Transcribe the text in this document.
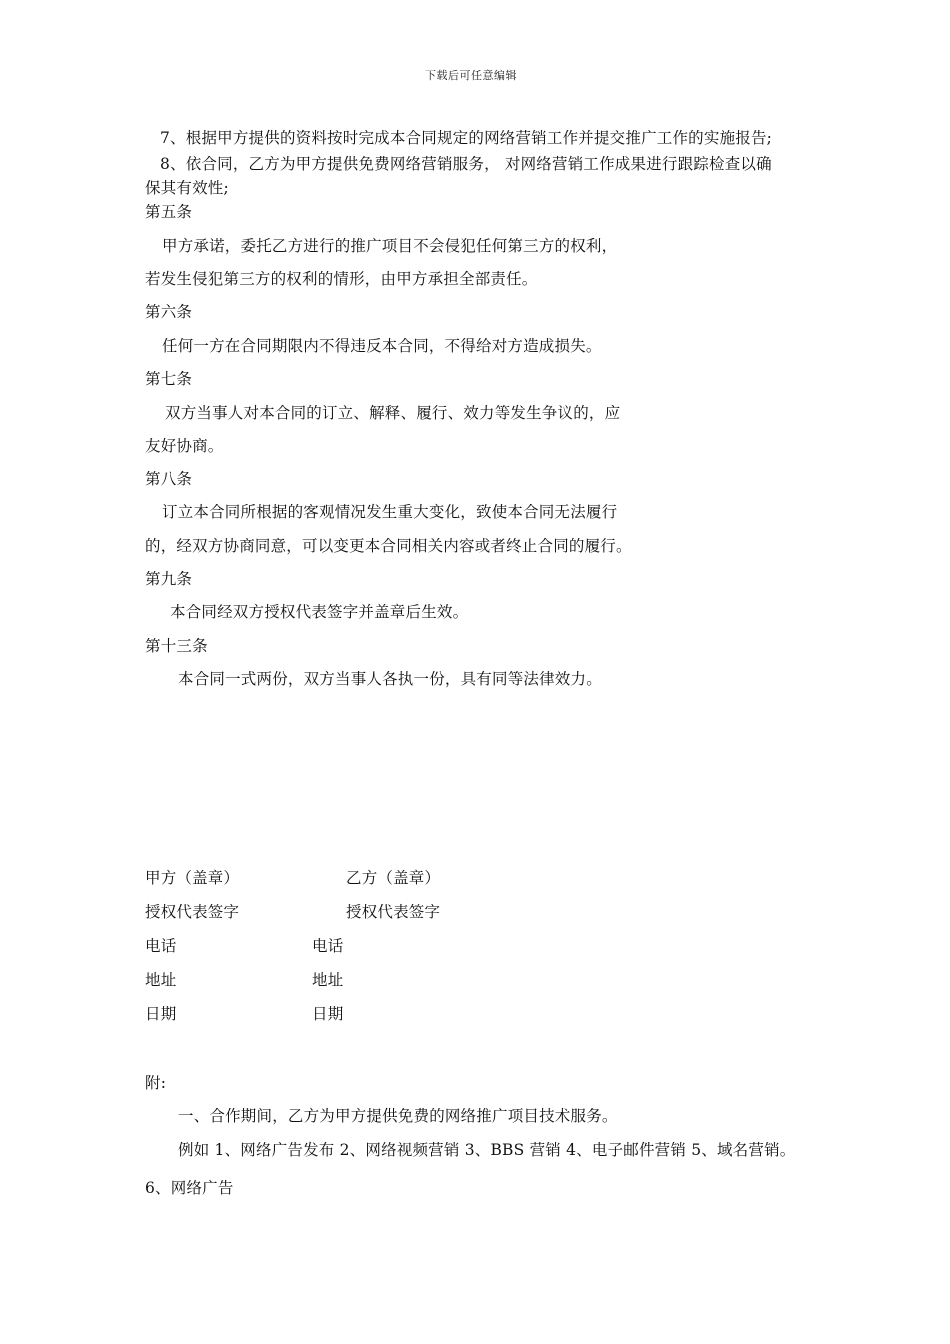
下载后可任意编辑
7、根据甲方提供的资料按时完成本合同规定的网络营销工作并提交推广工作的实施报告;
8、依合同，乙方为甲方提供免费网络营销服务， 对网络营销工作成果进行跟踪检查以确
保其有效性;
第五条
甲方承诺，委托乙方进行的推广项目不会侵犯任何第三方的权利，
若发生侵犯第三方的权利的情形，由甲方承担全部责任。
第六条
任何一方在合同期限内不得违反本合同，不得给对方造成损失。
第七条
双方当事人对本合同的订立、解释、履行、效力等发生争议的，应
友好协商。
第八条
订立本合同所根据的客观情况发生重大变化，致使本合同无法履行
的，经双方协商同意，可以变更本合同相关内容或者终止合同的履行。
第九条
本合同经双方授权代表签字并盖章后生效。
第十三条
本合同一式两份，双方当事人各执一份，具有同等法律效力。
甲方（盖章）	乙方（盖章）
授权代表签字	授权代表签字
电话	电话
地址	地址
日期	日期
附:
一、合作期间，乙方为甲方提供免费的网络推广项目技术服务。
例如 1、网络广告发布 2、网络视频营销 3、BBS 营销 4、电子邮件营销 5、域名营销。
6、网络广告
